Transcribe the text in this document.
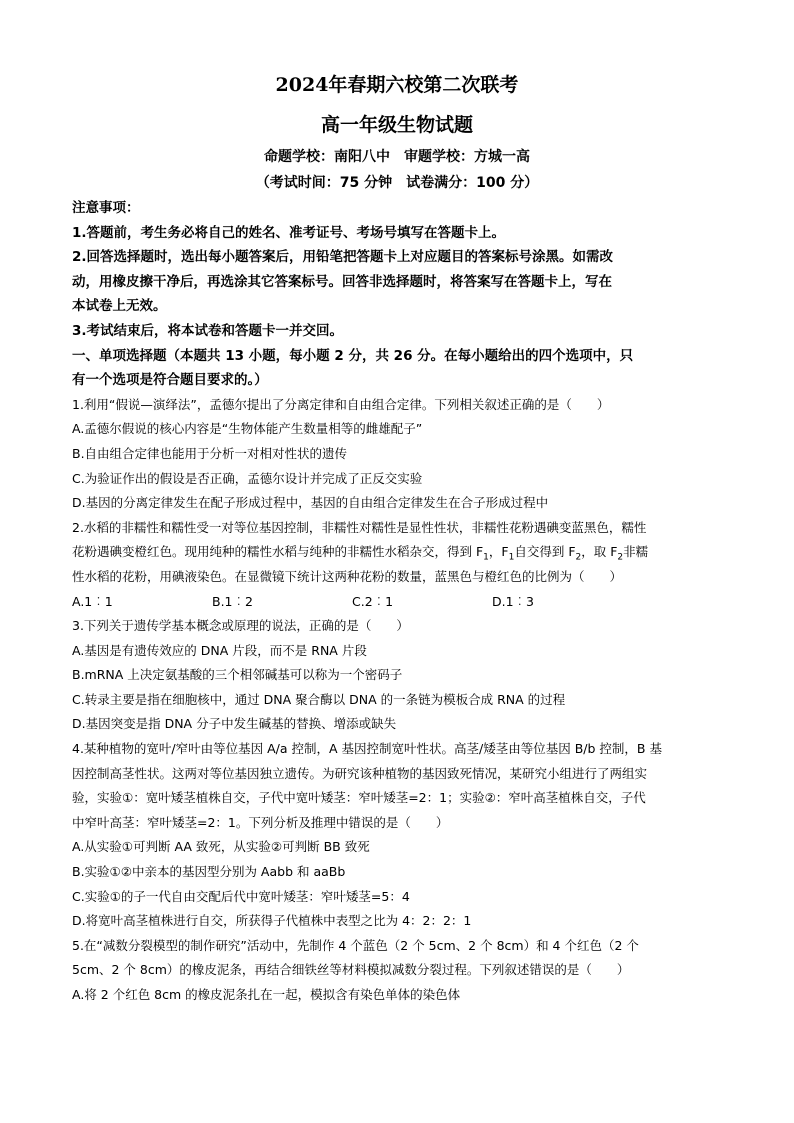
2024年春期六校第二次联考
高一年级生物试题
命题学校：南阳八中　审题学校：方城一高
（考试时间：75 分钟　试卷满分：100 分）
注意事项：
1.答题前，考生务必将自己的姓名、准考证号、考场号填写在答题卡上。
2.回答选择题时，选出每小题答案后，用铅笔把答题卡上对应题目的答案标号涂黑。如需改
动，用橡皮擦干净后，再选涂其它答案标号。回答非选择题时，将答案写在答题卡上，写在
本试卷上无效。
3.考试结束后，将本试卷和答题卡一并交回。
一、单项选择题（本题共 13 小题，每小题 2 分，共 26 分。在每小题给出的四个选项中，只
有一个选项是符合题目要求的。）
1.利用“假说—演绎法”，孟德尔提出了分离定律和自由组合定律。下列相关叙述正确的是（　　）
A.孟德尔假说的核心内容是“生物体能产生数量相等的雌雄配子”
B.自由组合定律也能用于分析一对相对性状的遗传
C.为验证作出的假设是否正确，孟德尔设计并完成了正反交实验
D.基因的分离定律发生在配子形成过程中，基因的自由组合定律发生在合子形成过程中
2.水稻的非糯性和糯性受一对等位基因控制，非糯性对糯性是显性性状，非糯性花粉遇碘变蓝黑色，糯性
花粉遇碘变橙红色。现用纯种的糯性水稻与纯种的非糯性水稻杂交，得到 $F_1$，$F_1$自交得到 $F_2$，取 $F_2$非糯
性水稻的花粉，用碘液染色。在显微镜下统计这两种花粉的数量，蓝黑色与橙红色的比例为（　　）
A.1︰1	B.1︰2	C.2︰1	D.1︰3
3.下列关于遗传学基本概念或原理的说法，正确的是（　　）
A.基因是有遗传效应的 DNA 片段，而不是 RNA 片段
B.mRNA 上决定氨基酸的三个相邻碱基可以称为一个密码子
C.转录主要是指在细胞核中，通过 DNA 聚合酶以 DNA 的一条链为模板合成 RNA 的过程
D.基因突变是指 DNA 分子中发生碱基的替换、增添或缺失
4.某种植物的宽叶/窄叶由等位基因 A/a 控制，A 基因控制宽叶性状。高茎/矮茎由等位基因 B/b 控制，B 基
因控制高茎性状。这两对等位基因独立遗传。为研究该种植物的基因致死情况，某研究小组进行了两组实
验，实验①：宽叶矮茎植株自交，子代中宽叶矮茎：窄叶矮茎=2：1；实验②：窄叶高茎植株自交，子代
中窄叶高茎：窄叶矮茎=2：1。下列分析及推理中错误的是（　　）
A.从实验①可判断 AA 致死，从实验②可判断 BB 致死
B.实验①②中亲本的基因型分别为 Aabb 和 aaBb
C.实验①的子一代自由交配后代中宽叶矮茎：窄叶矮茎=5：4
D.将宽叶高茎植株进行自交，所获得子代植株中表型之比为 4：2：2：1
5.在“减数分裂模型的制作研究”活动中，先制作 4 个蓝色（2 个 5cm、2 个 8cm）和 4 个红色（2 个
5cm、2 个 8cm）的橡皮泥条，再结合细铁丝等材料模拟减数分裂过程。下列叙述错误的是（　　）
A.将 2 个红色 8cm 的橡皮泥条扎在一起，模拟含有染色单体的染色体
